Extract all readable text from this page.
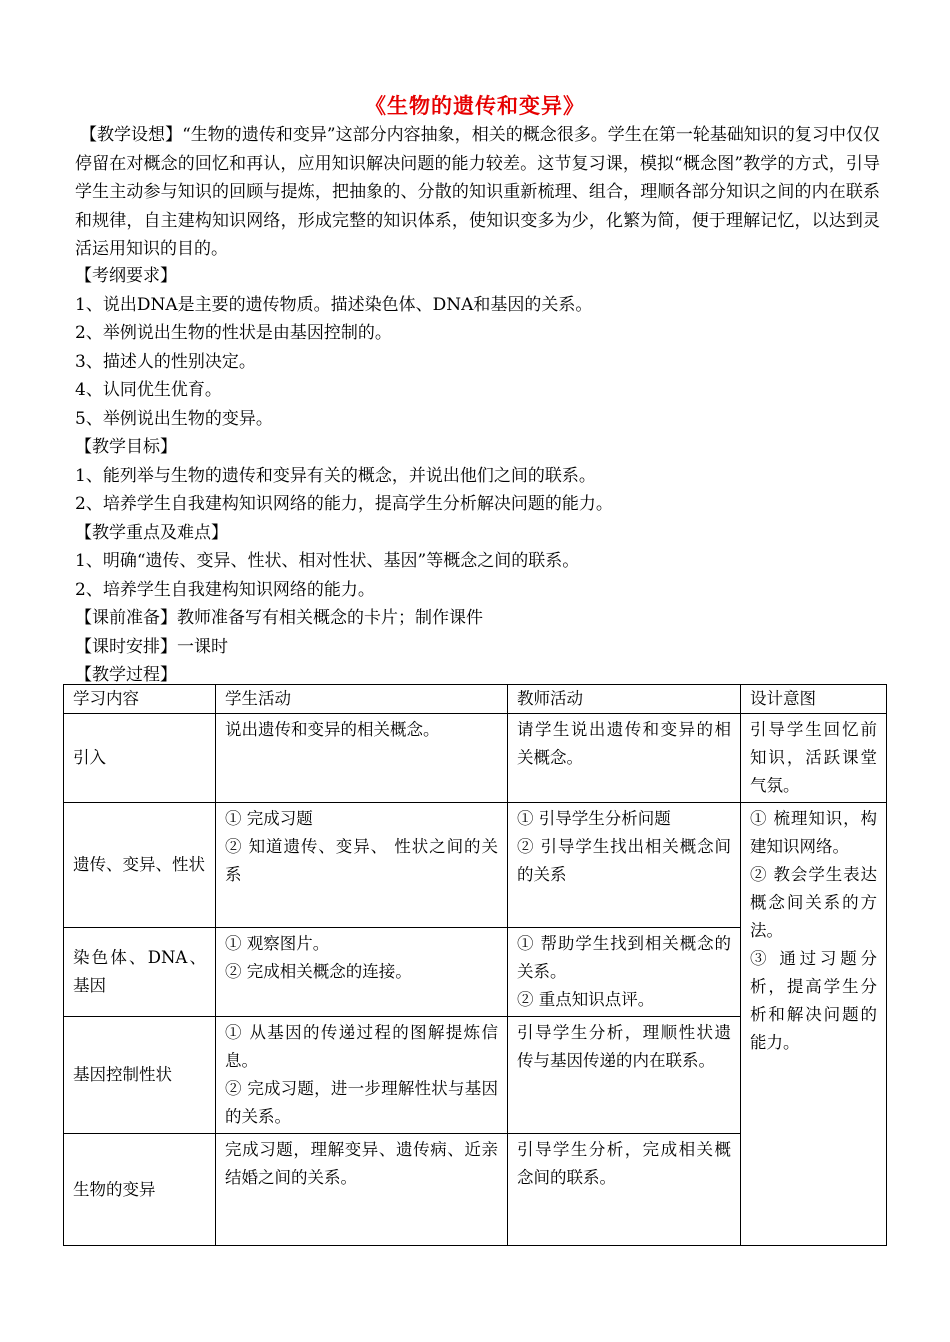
《生物的遗传和变异》
【教学设想】“生物的遗传和变异”这部分内容抽象，相关的概念很多。学生在第一轮基础知识的复习中仅仅停留在对概念的回忆和再认，应用知识解决问题的能力较差。这节复习课，模拟“概念图”教学的方式，引导学生主动参与知识的回顾与提炼，把抽象的、分散的知识重新梳理、组合，理顺各部分知识之间的内在联系和规律，自主建构知识网络，形成完整的知识体系，使知识变多为少，化繁为简，便于理解记忆，以达到灵活运用知识的目的。
【考纲要求】
1、说出DNA是主要的遗传物质。描述染色体、DNA和基因的关系。
2、举例说出生物的性状是由基因控制的。
3、描述人的性别决定。
4、认同优生优育。
5、举例说出生物的变异。
【教学目标】
1、能列举与生物的遗传和变异有关的概念，并说出他们之间的联系。
2、培养学生自我建构知识网络的能力，提高学生分析解决问题的能力。
【教学重点及难点】
1、明确“遗传、变异、性状、相对性状、基因”等概念之间的联系。
2、培养学生自我建构知识网络的能力。
【课前准备】教师准备写有相关概念的卡片；制作课件
【课时安排】一课时
【教学过程】
学习内容	学生活动	教师活动	设计意图
引入	说出遗传和变异的相关概念。	请学生说出遗传和变异的相关概念。	引导学生回忆前知识，活跃课堂气氛。

遗传、变异、性状	① 完成习题
② 知道遗传、变异、 性状之间的关系	① 引导学生分析问题
② 引导学生找出相关概念间的关系	① 梳理知识，构建知识网络。
② 教会学生表达概念间关系的方法。
③ 通过习题分析，提高学生分析和解决问题的能力。

染色体、DNA、基因	① 观察图片。
② 完成相关概念的连接。	① 帮助学生找到相关概念的关系。
② 重点知识点评。	

基因控制性状	① 从基因的传递过程的图解提炼信息。
② 完成习题，进一步理解性状与基因的关系。	引导学生分析，理顺性状遗传与基因传递的内在联系。	

生物的变异	完成习题，理解变异、遗传病、近亲结婚之间的关系。	引导学生分析，完成相关概念间的联系。	
